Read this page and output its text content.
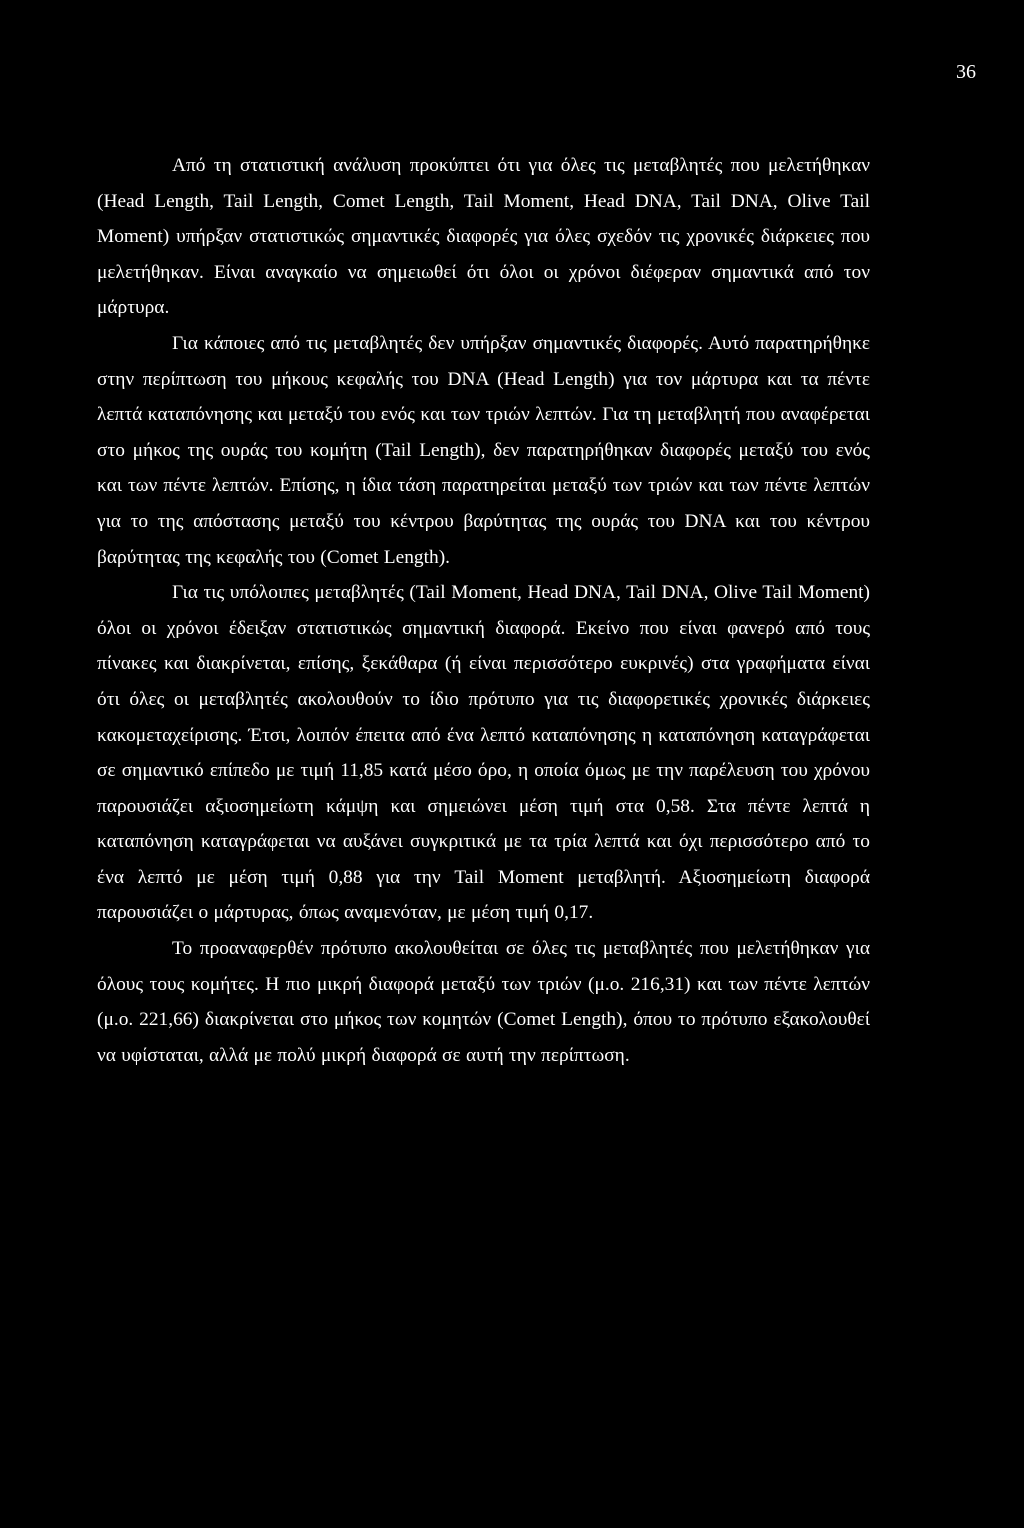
36

Από τη στατιστική ανάλυση προκύπτει ότι για όλες τις μεταβλητές που μελετήθηκαν (Head Length, Tail Length, Comet Length, Tail Moment, Head DNA, Tail DNA, Olive Tail Moment) υπήρξαν στατιστικώς σημαντικές διαφορές για όλες σχεδόν τις χρονικές διάρκειες που μελετήθηκαν. Είναι αναγκαίο να σημειωθεί ότι όλοι οι χρόνοι διέφεραν σημαντικά από τον μάρτυρα.

Για κάποιες από τις μεταβλητές δεν υπήρξαν σημαντικές διαφορές. Αυτό παρατηρήθηκε στην περίπτωση του μήκους κεφαλής του DNA (Head Length) για τον μάρτυρα και τα πέντε λεπτά καταπόνησης και μεταξύ του ενός και των τριών λεπτών. Για τη μεταβλητή που αναφέρεται στο μήκος της ουράς του κομήτη (Tail Length), δεν παρατηρήθηκαν διαφορές μεταξύ του ενός και των πέντε λεπτών. Επίσης, η ίδια τάση παρατηρείται μεταξύ των τριών και των πέντε λεπτών για το της απόστασης μεταξύ του κέντρου βαρύτητας της ουράς του DNA και του κέντρου βαρύτητας της κεφαλής του (Comet Length).

Για τις υπόλοιπες μεταβλητές (Tail Moment, Head DNA, Tail DNA, Olive Tail Moment) όλοι οι χρόνοι έδειξαν στατιστικώς σημαντική διαφορά. Εκείνο που είναι φανερό από τους πίνακες και διακρίνεται, επίσης, ξεκάθαρα (ή είναι περισσότερο ευκρινές) στα γραφήματα είναι ότι όλες οι μεταβλητές ακολουθούν το ίδιο πρότυπο για τις διαφορετικές χρονικές διάρκειες κακομεταχείρισης. Έτσι, λοιπόν έπειτα από ένα λεπτό καταπόνησης η καταπόνηση καταγράφεται σε σημαντικό επίπεδο με τιμή 11,85 κατά μέσο όρο, η οποία όμως με την παρέλευση του χρόνου παρουσιάζει αξιοσημείωτη κάμψη και σημειώνει μέση τιμή στα 0,58. Στα πέντε λεπτά η καταπόνηση καταγράφεται να αυξάνει συγκριτικά με τα τρία λεπτά και όχι περισσότερο από το ένα λεπτό με μέση τιμή 0,88 για την Tail Moment μεταβλητή. Αξιοσημείωτη διαφορά παρουσιάζει ο μάρτυρας, όπως αναμενόταν, με μέση τιμή 0,17.

Το προαναφερθέν πρότυπο ακολουθείται σε όλες τις μεταβλητές που μελετήθηκαν για όλους τους κομήτες. Η πιο μικρή διαφορά μεταξύ των τριών (μ.ο. 216,31) και των πέντε λεπτών (μ.ο. 221,66) διακρίνεται στο μήκος των κομητών (Comet Length), όπου το πρότυπο εξακολουθεί να υφίσταται, αλλά με πολύ μικρή διαφορά σε αυτή την περίπτωση.
